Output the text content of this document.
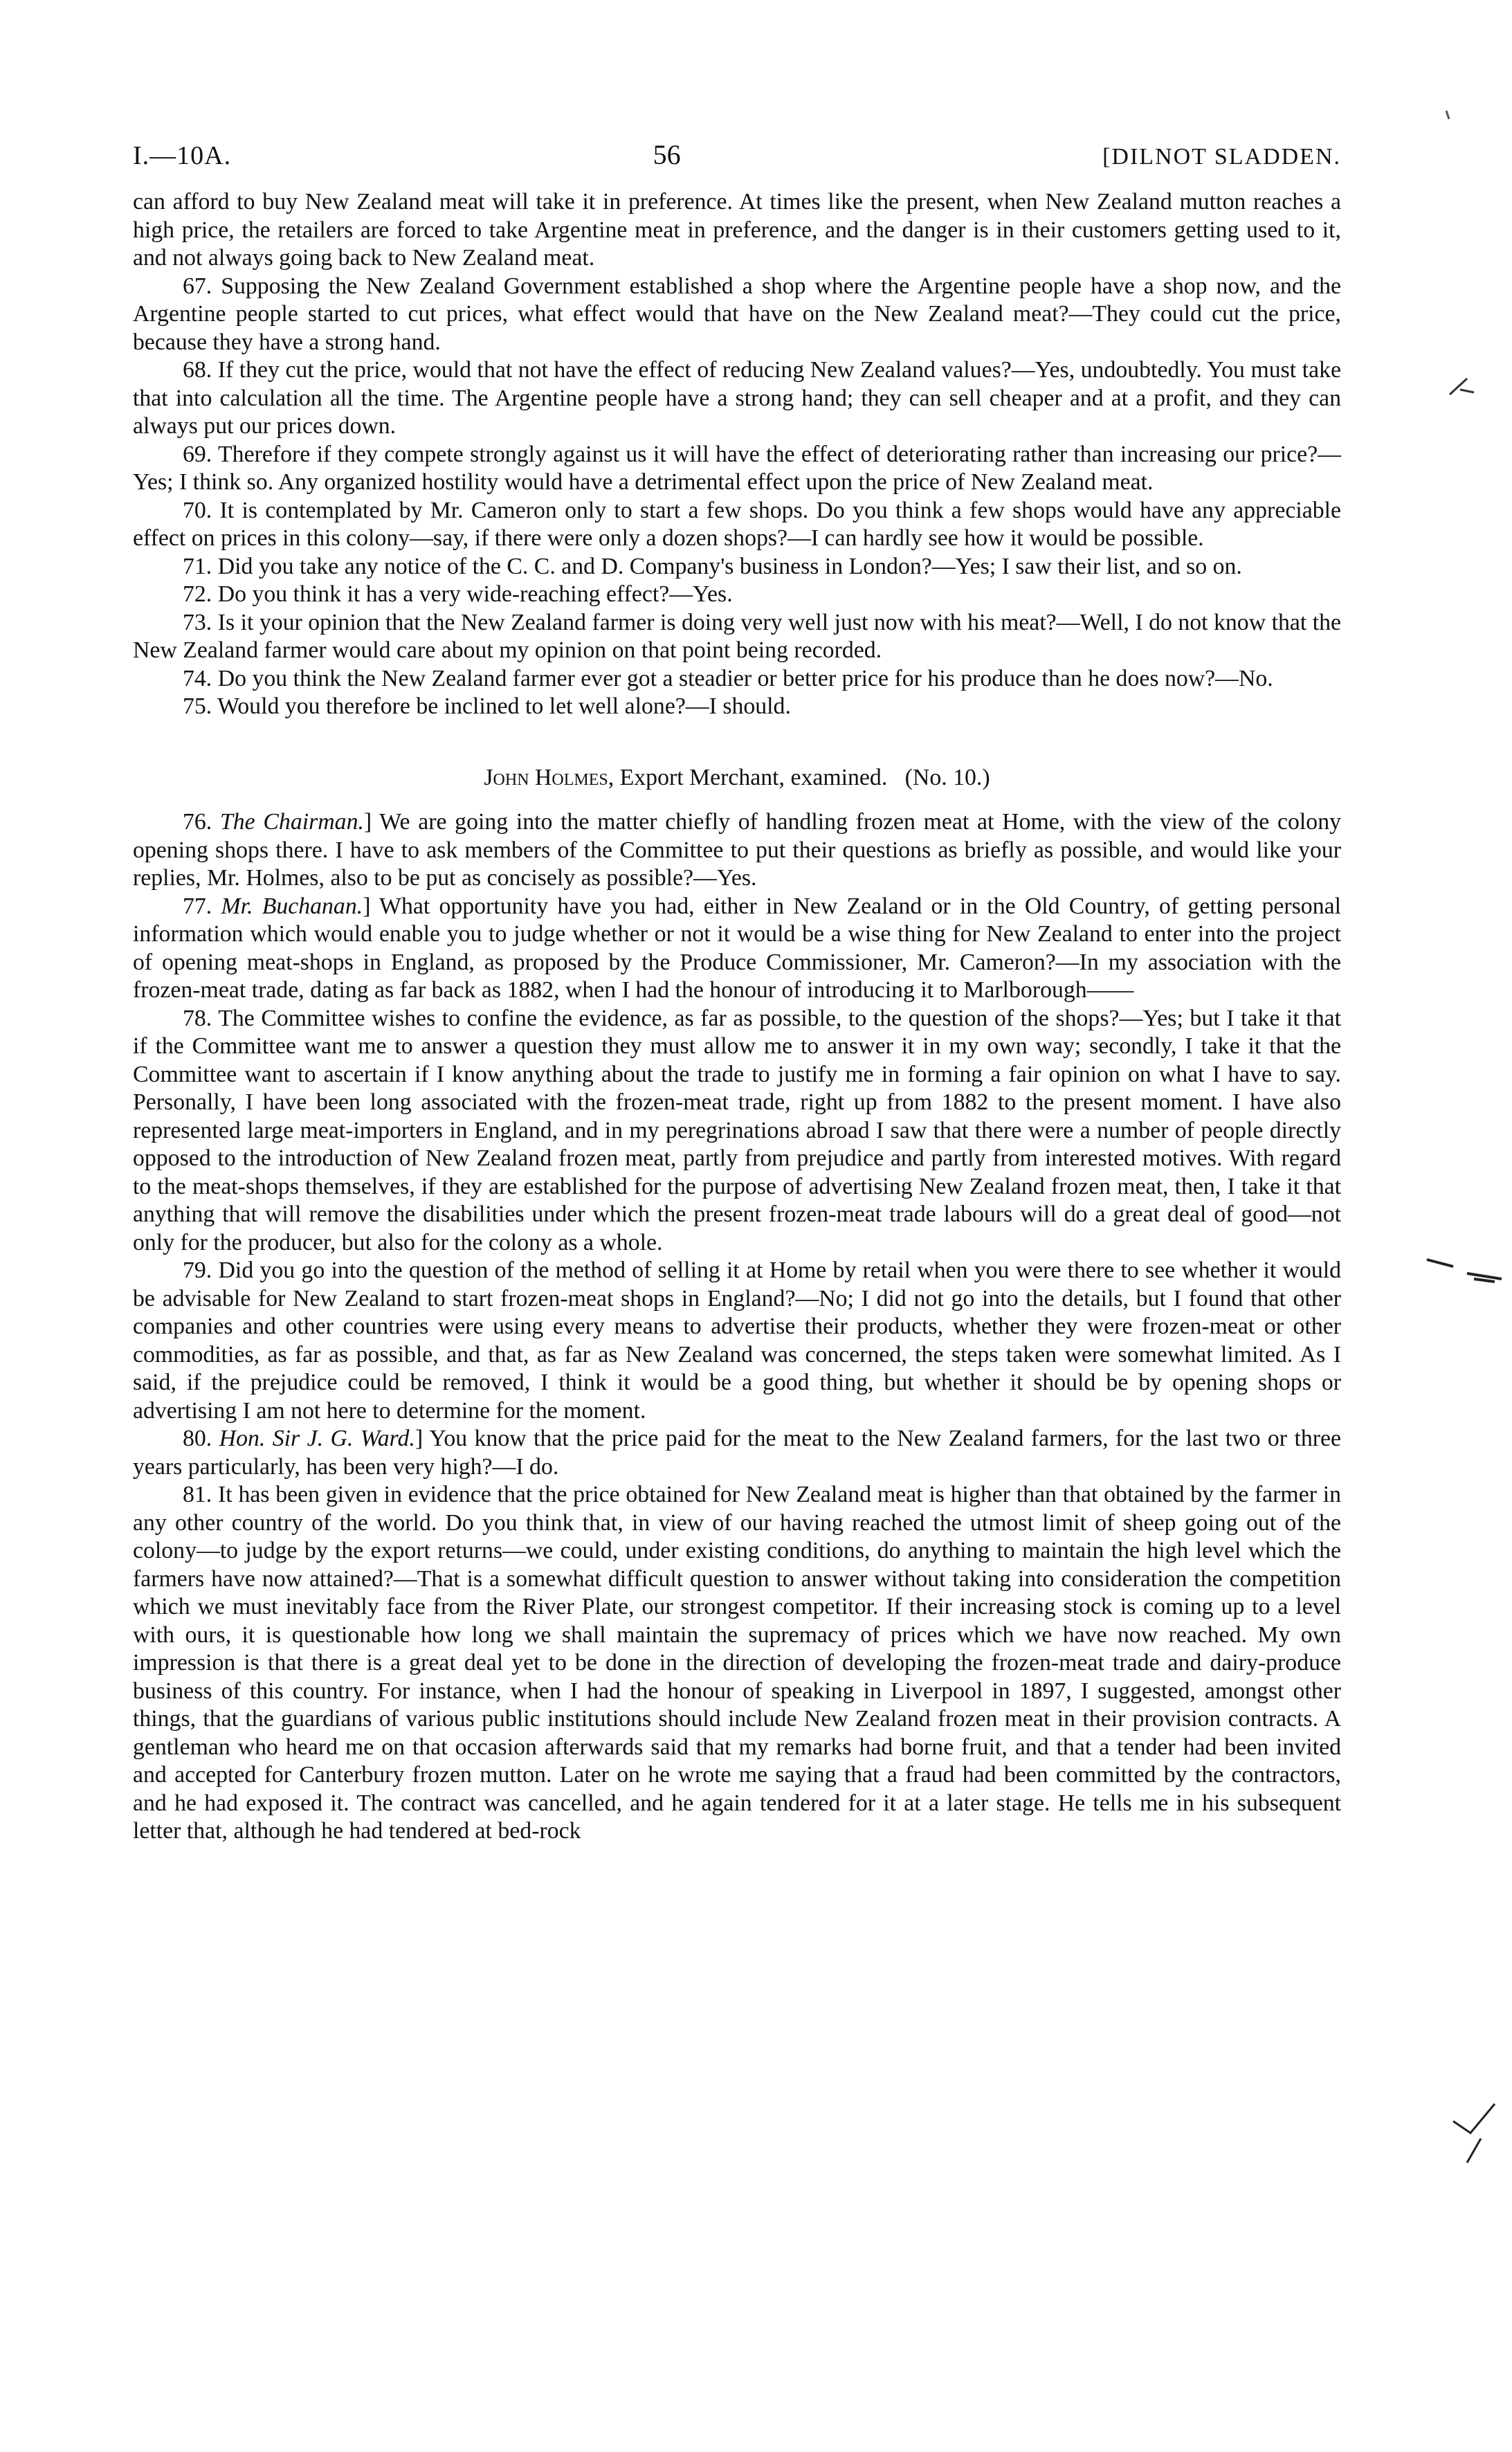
I.—10A.	56	[DILNOT SLADDEN.

can afford to buy New Zealand meat will take it in preference. At times like the present, when New Zealand mutton reaches a high price, the retailers are forced to take Argentine meat in preference, and the danger is in their customers getting used to it, and not always going back to New Zealand meat.

67. Supposing the New Zealand Government established a shop where the Argentine people have a shop now, and the Argentine people started to cut prices, what effect would that have on the New Zealand meat?—They could cut the price, because they have a strong hand.

68. If they cut the price, would that not have the effect of reducing New Zealand values?—Yes, undoubtedly. You must take that into calculation all the time. The Argentine people have a strong hand; they can sell cheaper and at a profit, and they can always put our prices down.

69. Therefore if they compete strongly against us it will have the effect of deteriorating rather than increasing our price?—Yes; I think so. Any organized hostility would have a detrimental effect upon the price of New Zealand meat.

70. It is contemplated by Mr. Cameron only to start a few shops. Do you think a few shops would have any appreciable effect on prices in this colony—say, if there were only a dozen shops?—I can hardly see how it would be possible.

71. Did you take any notice of the C. C. and D. Company's business in London?—Yes; I saw their list, and so on.

72. Do you think it has a very wide-reaching effect?—Yes.

73. Is it your opinion that the New Zealand farmer is doing very well just now with his meat?—Well, I do not know that the New Zealand farmer would care about my opinion on that point being recorded.

74. Do you think the New Zealand farmer ever got a steadier or better price for his produce than he does now?—No.

75. Would you therefore be inclined to let well alone?—I should.

John Holmes, Export Merchant, examined. (No. 10.)

76. The Chairman.] We are going into the matter chiefly of handling frozen meat at Home, with the view of the colony opening shops there. I have to ask members of the Committee to put their questions as briefly as possible, and would like your replies, Mr. Holmes, also to be put as concisely as possible?—Yes.

77. Mr. Buchanan.] What opportunity have you had, either in New Zealand or in the Old Country, of getting personal information which would enable you to judge whether or not it would be a wise thing for New Zealand to enter into the project of opening meat-shops in England, as proposed by the Produce Commissioner, Mr. Cameron?—In my association with the frozen-meat trade, dating as far back as 1882, when I had the honour of introducing it to Marlborough——

78. The Committee wishes to confine the evidence, as far as possible, to the question of the shops?—Yes; but I take it that if the Committee want me to answer a question they must allow me to answer it in my own way; secondly, I take it that the Committee want to ascertain if I know anything about the trade to justify me in forming a fair opinion on what I have to say. Personally, I have been long associated with the frozen-meat trade, right up from 1882 to the present moment. I have also represented large meat-importers in England, and in my peregrinations abroad I saw that there were a number of people directly opposed to the introduction of New Zealand frozen meat, partly from prejudice and partly from interested motives. With regard to the meat-shops themselves, if they are established for the purpose of advertising New Zealand frozen meat, then, I take it that anything that will remove the disabilities under which the present frozen-meat trade labours will do a great deal of good—not only for the producer, but also for the colony as a whole.

79. Did you go into the question of the method of selling it at Home by retail when you were there to see whether it would be advisable for New Zealand to start frozen-meat shops in England?—No; I did not go into the details, but I found that other companies and other countries were using every means to advertise their products, whether they were frozen-meat or other commodities, as far as possible, and that, as far as New Zealand was concerned, the steps taken were somewhat limited. As I said, if the prejudice could be removed, I think it would be a good thing, but whether it should be by opening shops or advertising I am not here to determine for the moment.

80. Hon. Sir J. G. Ward.] You know that the price paid for the meat to the New Zealand farmers, for the last two or three years particularly, has been very high?—I do.

81. It has been given in evidence that the price obtained for New Zealand meat is higher than that obtained by the farmer in any other country of the world. Do you think that, in view of our having reached the utmost limit of sheep going out of the colony—to judge by the export returns—we could, under existing conditions, do anything to maintain the high level which the farmers have now attained?—That is a somewhat difficult question to answer without taking into consideration the competition which we must inevitably face from the River Plate, our strongest competitor. If their increasing stock is coming up to a level with ours, it is questionable how long we shall maintain the supremacy of prices which we have now reached. My own impression is that there is a great deal yet to be done in the direction of developing the frozen-meat trade and dairy-produce business of this country. For instance, when I had the honour of speaking in Liverpool in 1897, I suggested, amongst other things, that the guardians of various public institutions should include New Zealand frozen meat in their provision contracts. A gentleman who heard me on that occasion afterwards said that my remarks had borne fruit, and that a tender had been invited and accepted for Canterbury frozen mutton. Later on he wrote me saying that a fraud had been committed by the contractors, and he had exposed it. The contract was cancelled, and he again tendered for it at a later stage. He tells me in his subsequent letter that, although he had tendered at bed-rock
